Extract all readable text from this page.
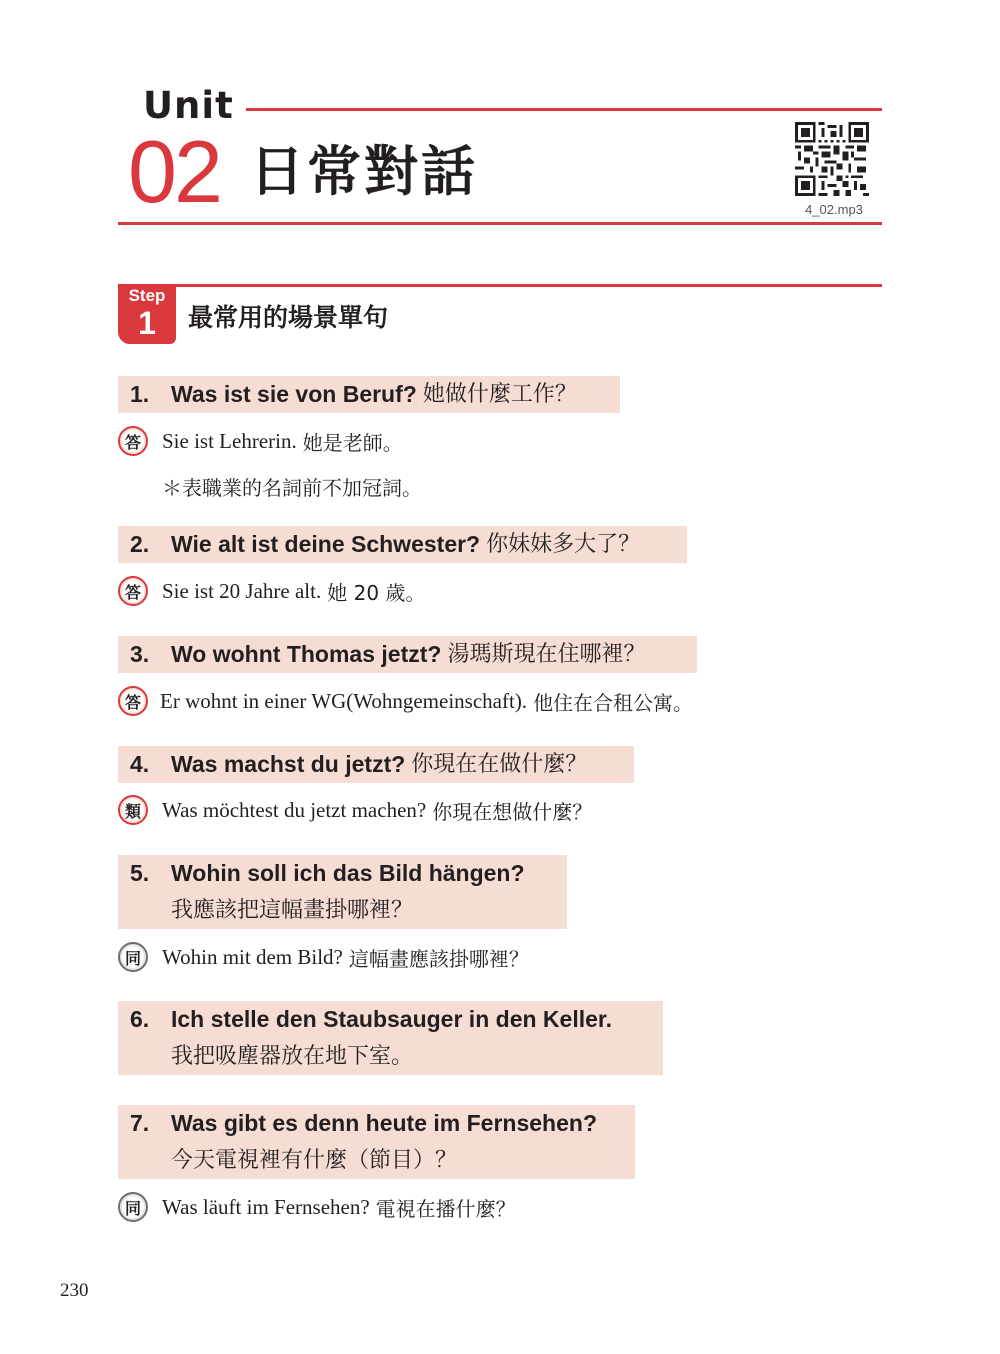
Unit
02 日常對話
4_02.mp3
Step
1	最常用的場景單句
1. Was ist sie von Beruf? 她做什麼工作？
答	Sie ist Lehrerin. 她是老師。
＊表職業的名詞前不加冠詞。
2. Wie alt ist deine Schwester? 你妹妹多大了？
答	Sie ist 20 Jahre alt. 她 20 歲。
3. Wo wohnt Thomas jetzt? 湯瑪斯現在住哪裡？
答 Er wohnt in einer WG(Wohngemeinschaft). 他住在合租公寓。
4. Was machst du jetzt? 你現在在做什麼？
類	Was möchtest du jetzt machen? 你現在想做什麼？
5. Wohin soll ich das Bild hängen?
我應該把這幅畫掛哪裡？
同	Wohin mit dem Bild? 這幅畫應該掛哪裡？
6. Ich stelle den Staubsauger in den Keller.
我把吸塵器放在地下室。
7. Was gibt es denn heute im Fernsehen?
今天電視裡有什麼（節目）？
同	Was läuft im Fernsehen? 電視在播什麼？
230
